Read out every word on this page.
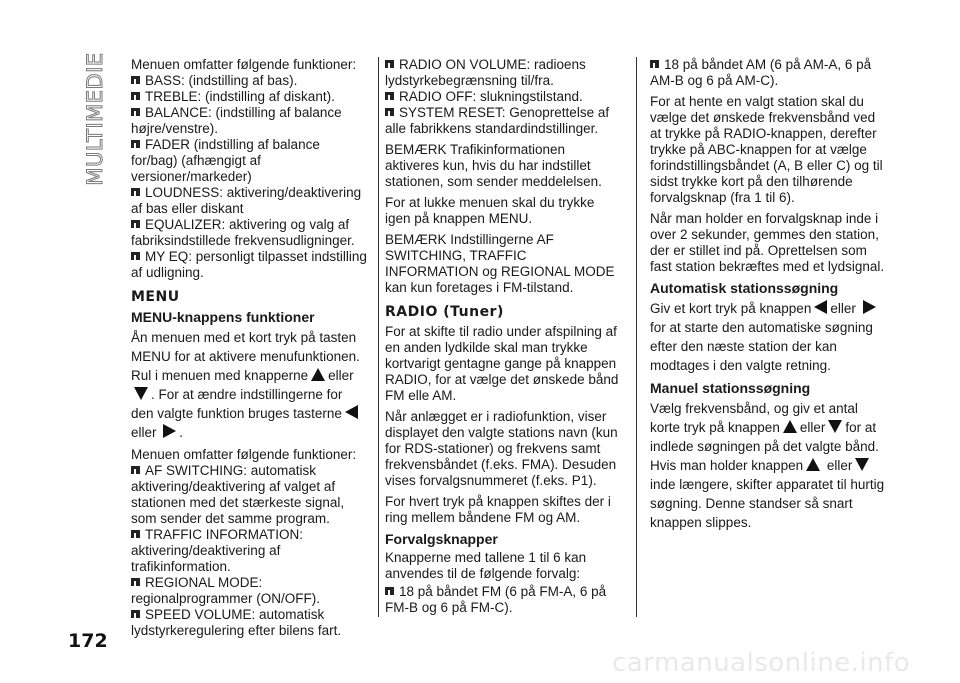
MULTIMEDIE Menuen omfatter følgende funktioner:

BASS: (indstilling af bas).
TREBLE: (indstilling af diskant).
BALANCE: (indstilling af balance højre/venstre).
FADER (indstilling af balance for/bag) (afhængigt af versioner/markeder)
LOUDNESS: aktivering/deaktivering af bas eller diskant
EQUALIZER: aktivering og valg af fabriksindstillede frekvensudligninger.
MY EQ: personligt tilpasset indstilling af udligning.
MENU
MENU-knappens funktioner

Ån menuen med et kort tryk på tasten MENU for at aktivere menufunktionen. Rul i menuen med knapperne eller . For at ændre indstillingerne for den valgte funktion bruges tasterneeller .

Menuen omfatter følgende funktioner:

AF SWITCHING: automatisk aktivering/deaktivering af valget af stationen med det stærkeste signal, som sender det samme program.
TRAFFIC INFORMATION: aktivering/deaktivering af trafikinformation.
REGIONAL MODE: regionalprogrammer (ON/OFF).
SPEED VOLUME: automatisk lydstyrkeregulering efter bilens fart.
RADIO ON VOLUME: radioens lydstyrkebegrænsning til/fra.
RADIO OFF: slukningstilstand.
SYSTEM RESET: Genoprettelse af alle fabrikkens standardindstillinger.

BEMÆRK Trafikinformationen aktiveres kun, hvis du har indstillet stationen, som sender meddelelsen.

For at lukke menuen skal du trykke igen på knappen MENU.

BEMÆRK Indstillingerne AF SWITCHING, TRAFFIC INFORMATION og REGIONAL MODE kan kun foretages i FM-tilstand.

RADIO (Tuner)

For at skifte til radio under afspilning af en anden lydkilde skal man trykke kortvarigt gentagne gange på knappen RADIO, for at vælge det ønskede bånd FM elle AM.

Når anlægget er i radiofunktion, viser displayet den valgte stations navn (kun for RDS-stationer) og frekvens samt frekvensbåndet (f.eks. FMA). Desuden vises forvalgsnummeret (f.eks. P1).

For hvert tryk på knappen skiftes der i ring mellem båndene FM og AM.

Forvalgsknapper

Knapperne med tallene 1 til 6 kan anvendes til de følgende forvalg:

18 på båndet FM (6 på FM-A, 6 på FM-B og 6 på FM-C).
18 på båndet AM (6 på AM-A, 6 på AM-B og 6 på AM-C).

For at hente en valgt station skal du vælge det ønskede frekvensbånd ved at trykke på RADIO-knappen, derefter trykke på ABC-knappen for at vælge forindstillingsbåndet (A, B eller C) og til sidst trykke kort på den tilhørende forvalgsknap (fra 1 til 6).

Når man holder en forvalgsknap inde i over 2 sekunder, gemmes den station, der er stillet ind på. Oprettelsen som fast station bekræftes med et lydsignal.

Automatisk stationssøgning

Giv et kort tryk på knappen eller for at starte den automatiske søgning efter den næste station der kan modtages i den valgte retning.

Manuel stationssøgning

Vælg frekvensbånd, og giv et antal korte tryk på knappen eller for at indlede søgningen på det valgte bånd. Hvis man holder knappen ellerinde længere, skifter apparatet til hurtig søgning. Denne standser så snart knappen slippes.

172
carmanualsonline.info
